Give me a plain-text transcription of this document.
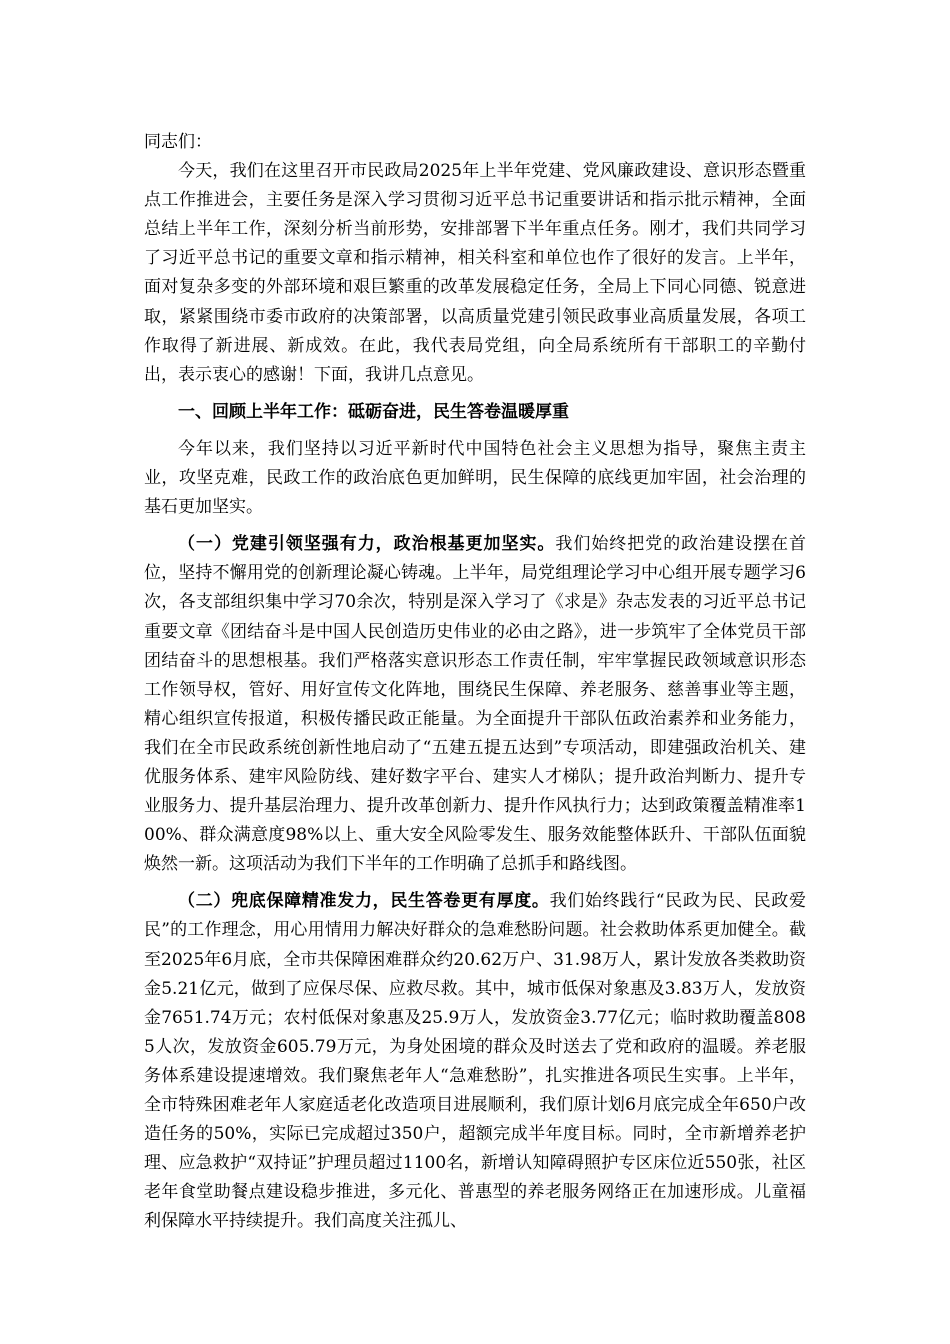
同志们：

今天，我们在这里召开市民政局2025年上半年党建、党风廉政建设、意识形态暨重点工作推进会，主要任务是深入学习贯彻习近平总书记重要讲话和指示批示精神，全面总结上半年工作，深刻分析当前形势，安排部署下半年重点任务。刚才，我们共同学习了习近平总书记的重要文章和指示精神，相关科室和单位也作了很好的发言。上半年，面对复杂多变的外部环境和艰巨繁重的改革发展稳定任务，全局上下同心同德、锐意进取，紧紧围绕市委市政府的决策部署，以高质量党建引领民政事业高质量发展，各项工作取得了新进展、新成效。在此，我代表局党组，向全局系统所有干部职工的辛勤付出，表示衷心的感谢！下面，我讲几点意见。

一、回顾上半年工作：砥砺奋进，民生答卷温暖厚重

今年以来，我们坚持以习近平新时代中国特色社会主义思想为指导，聚焦主责主业，攻坚克难，民政工作的政治底色更加鲜明，民生保障的底线更加牢固，社会治理的基石更加坚实。

（一）党建引领坚强有力，政治根基更加坚实。我们始终把党的政治建设摆在首位，坚持不懈用党的创新理论凝心铸魂。上半年，局党组理论学习中心组开展专题学习6次，各支部组织集中学习70余次，特别是深入学习了《求是》杂志发表的习近平总书记重要文章《团结奋斗是中国人民创造历史伟业的必由之路》，进一步筑牢了全体党员干部团结奋斗的思想根基。我们严格落实意识形态工作责任制，牢牢掌握民政领域意识形态工作领导权，管好、用好宣传文化阵地，围绕民生保障、养老服务、慈善事业等主题，精心组织宣传报道，积极传播民政正能量。为全面提升干部队伍政治素养和业务能力，我们在全市民政系统创新性地启动了“五建五提五达到”专项活动，即建强政治机关、建优服务体系、建牢风险防线、建好数字平台、建实人才梯队；提升政治判断力、提升专业服务力、提升基层治理力、提升改革创新力、提升作风执行力；达到政策覆盖精准率100%、群众满意度98%以上、重大安全风险零发生、服务效能整体跃升、干部队伍面貌焕然一新。这项活动为我们下半年的工作明确了总抓手和路线图。

（二）兜底保障精准发力，民生答卷更有厚度。我们始终践行“民政为民、民政爱民”的工作理念，用心用情用力解决好群众的急难愁盼问题。社会救助体系更加健全。截至2025年6月底，全市共保障困难群众约20.62万户、31.98万人，累计发放各类救助资金5.21亿元，做到了应保尽保、应救尽救。其中，城市低保对象惠及3.83万人，发放资金7651.74万元；农村低保对象惠及25.9万人，发放资金3.77亿元；临时救助覆盖8085人次，发放资金605.79万元，为身处困境的群众及时送去了党和政府的温暖。养老服务体系建设提速增效。我们聚焦老年人“急难愁盼”，扎实推进各项民生实事。上半年，全市特殊困难老年人家庭适老化改造项目进展顺利，我们原计划6月底完成全年650户改造任务的50%，实际已完成超过350户，超额完成半年度目标。同时，全市新增养老护理、应急救护“双持证”护理员超过1100名，新增认知障碍照护专区床位近550张，社区老年食堂助餐点建设稳步推进，多元化、普惠型的养老服务网络正在加速形成。儿童福利保障水平持续提升。我们高度关注孤儿、
